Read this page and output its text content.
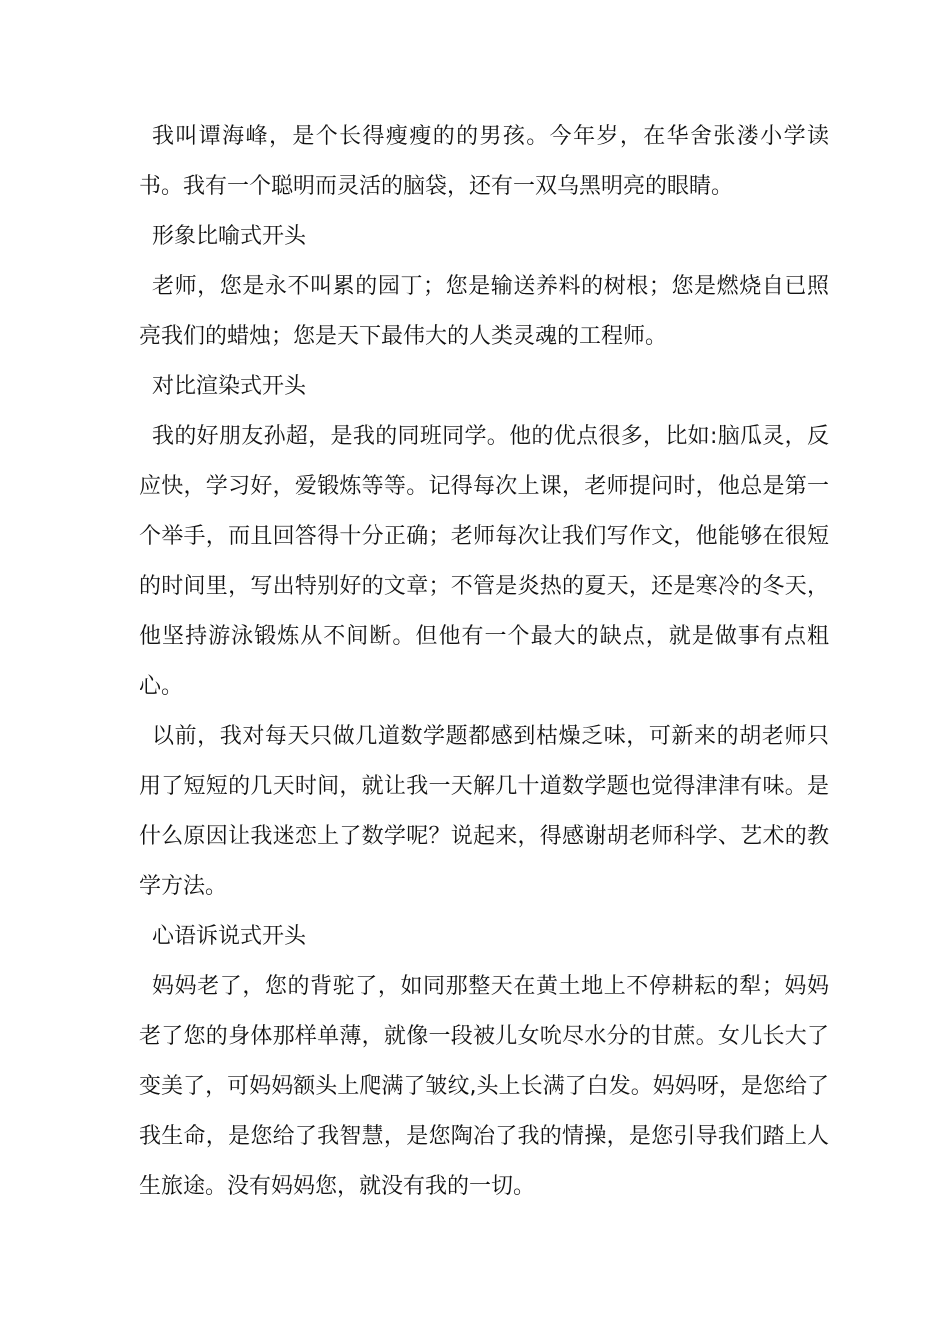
我叫谭海峰，是个长得瘦瘦的的男孩。今年岁，在华舍张溇小学读书。我有一个聪明而灵活的脑袋，还有一双乌黑明亮的眼睛。

形象比喻式开头

老师，您是永不叫累的园丁；您是输送养料的树根；您是燃烧自已照亮我们的蜡烛；您是天下最伟大的人类灵魂的工程师。

对比渲染式开头

我的好朋友孙超，是我的同班同学。他的优点很多，比如:脑瓜灵，反应快，学习好，爱锻炼等等。记得每次上课，老师提问时，他总是第一个举手，而且回答得十分正确；老师每次让我们写作文，他能够在很短的时间里，写出特别好的文章；不管是炎热的夏天，还是寒冷的冬天，他坚持游泳锻炼从不间断。但他有一个最大的缺点，就是做事有点粗心。

以前，我对每天只做几道数学题都感到枯燥乏味，可新来的胡老师只用了短短的几天时间，就让我一天解几十道数学题也觉得津津有味。是什么原因让我迷恋上了数学呢？说起来，得感谢胡老师科学、艺术的教学方法。

心语诉说式开头

妈妈老了，您的背驼了，如同那整天在黄土地上不停耕耘的犁；妈妈老了您的身体那样单薄，就像一段被儿女吮尽水分的甘蔗。女儿长大了变美了，可妈妈额头上爬满了皱纹,头上长满了白发。妈妈呀，是您给了我生命，是您给了我智慧，是您陶冶了我的情操，是您引导我们踏上人生旅途。没有妈妈您，就没有我的一切。
